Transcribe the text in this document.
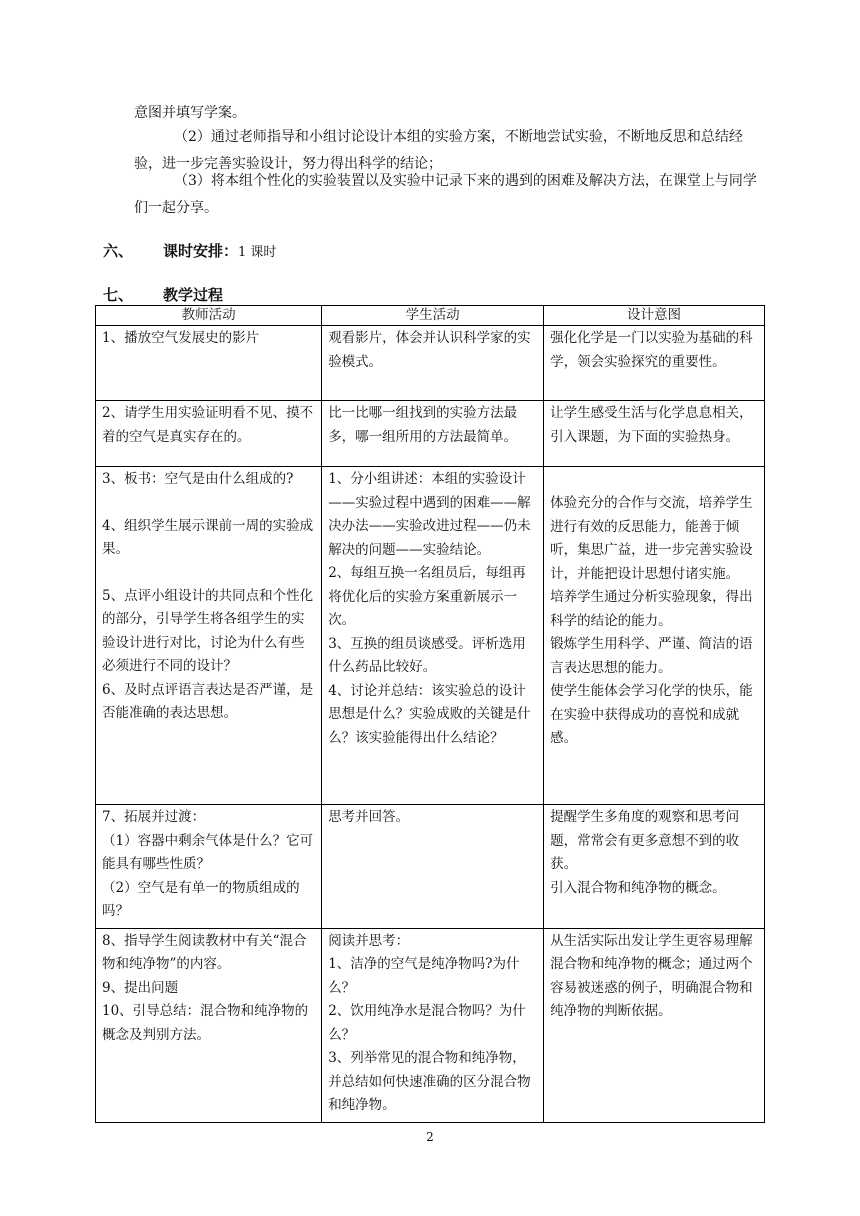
意图并填写学案。

（2）通过老师指导和小组讨论设计本组的实验方案，不断地尝试实验，不断地反思和总结经验，进一步完善实验设计，努力得出科学的结论；

（3）将本组个性化的实验装置以及实验中记录下来的遇到的困难及解决方法，在课堂上与同学们一起分享。

六、 课时安排：1 课时
七、 教学过程
教师活动	学生活动	设计意图

1、播放空气发展史的影片	观看影片，体会并认识科学家的实验模式。	强化化学是一门以实验为基础的科学，领会实验探究的重要性。

2、请学生用实验证明看不见、摸不着的空气是真实存在的。	比一比哪一组找到的实验方法最多，哪一组所用的方法最简单。	让学生感受生活与化学息息相关，引入课题，为下面的实验热身。

3、板书：空气是由什么组成的?
4、组织学生展示课前一周的实验成果。
5、点评小组设计的共同点和个性化的部分，引导学生将各组学生的实验设计进行对比，讨论为什么有些必须进行不同的设计？
6、及时点评语言表达是否严谨，是否能准确的表达思想。	1、分小组讲述：本组的实验设计——实验过程中遇到的困难——解决办法——实验改进过程——仍未解决的问题——实验结论。
2、每组互换一名组员后，每组再将优化后的实验方案重新展示一次。
3、互换的组员谈感受。评析选用什么药品比较好。
4、讨论并总结：该实验总的设计思想是什么？实验成败的关键是什么？该实验能得出什么结论？	体验充分的合作与交流，培养学生进行有效的反思能力，能善于倾听，集思广益，进一步完善实验设计，并能把设计思想付诸实施。
培养学生通过分析实验现象，得出科学的结论的能力。
锻炼学生用科学、严谨、简洁的语言表达思想的能力。
使学生能体会学习化学的快乐，能在实验中获得成功的喜悦和成就感。

7、拓展并过渡：
（1）容器中剩余气体是什么？它可能具有哪些性质？
（2）空气是有单一的物质组成的吗？	思考并回答。	提醒学生多角度的观察和思考问题，常常会有更多意想不到的收获。
引入混合物和纯净物的概念。

8、指导学生阅读教材中有关“混合物和纯净物”的内容。
9、提出问题
10、引导总结：混合物和纯净物的概念及判别方法。	阅读并思考：
1、洁净的空气是纯净物吗?为什么？
2、饮用纯净水是混合物吗？为什么？
3、列举常见的混合物和纯净物，并总结如何快速准确的区分混合物和纯净物。	从生活实际出发让学生更容易理解混合物和纯净物的概念；通过两个容易被迷惑的例子，明确混合物和纯净物的判断依据。
2
